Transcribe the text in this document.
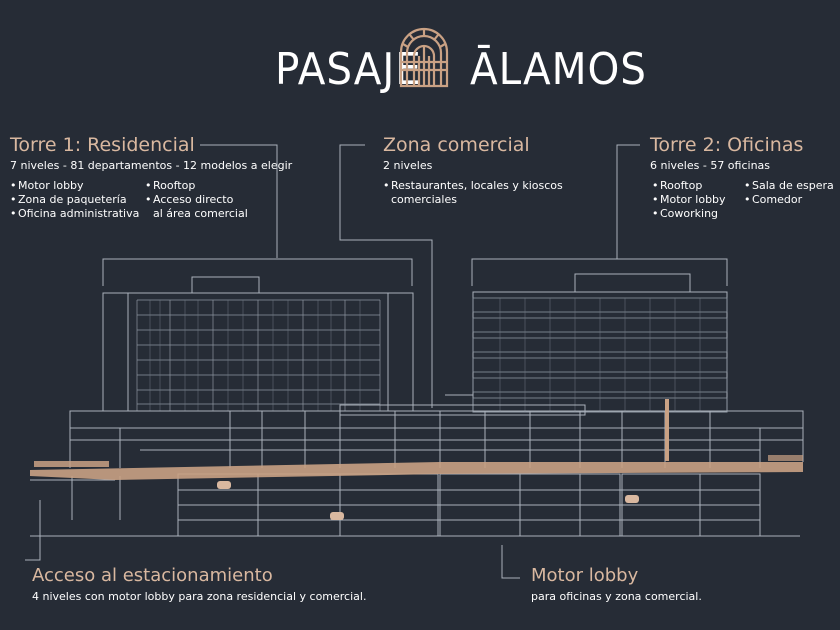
PASAJE ĀLAMOS
Torre 1: Residencial
7 niveles - 81 departamentos - 12 modelos a elegir
• Motor lobby
• Zona de paquetería
• Oficina administrativa
• Rooftop
• Acceso directo
al área comercial
Zona comercial
2 niveles
• Restaurantes, locales y kioscos
comerciales
Torre 2: Oficinas
6 niveles - 57 oficinas
• Rooftop
• Motor lobby
• Coworking
• Sala de espera
• Comedor
Acceso al estacionamiento
4 niveles con motor lobby para zona residencial y comercial.
Motor lobby
para oficinas y zona comercial.
